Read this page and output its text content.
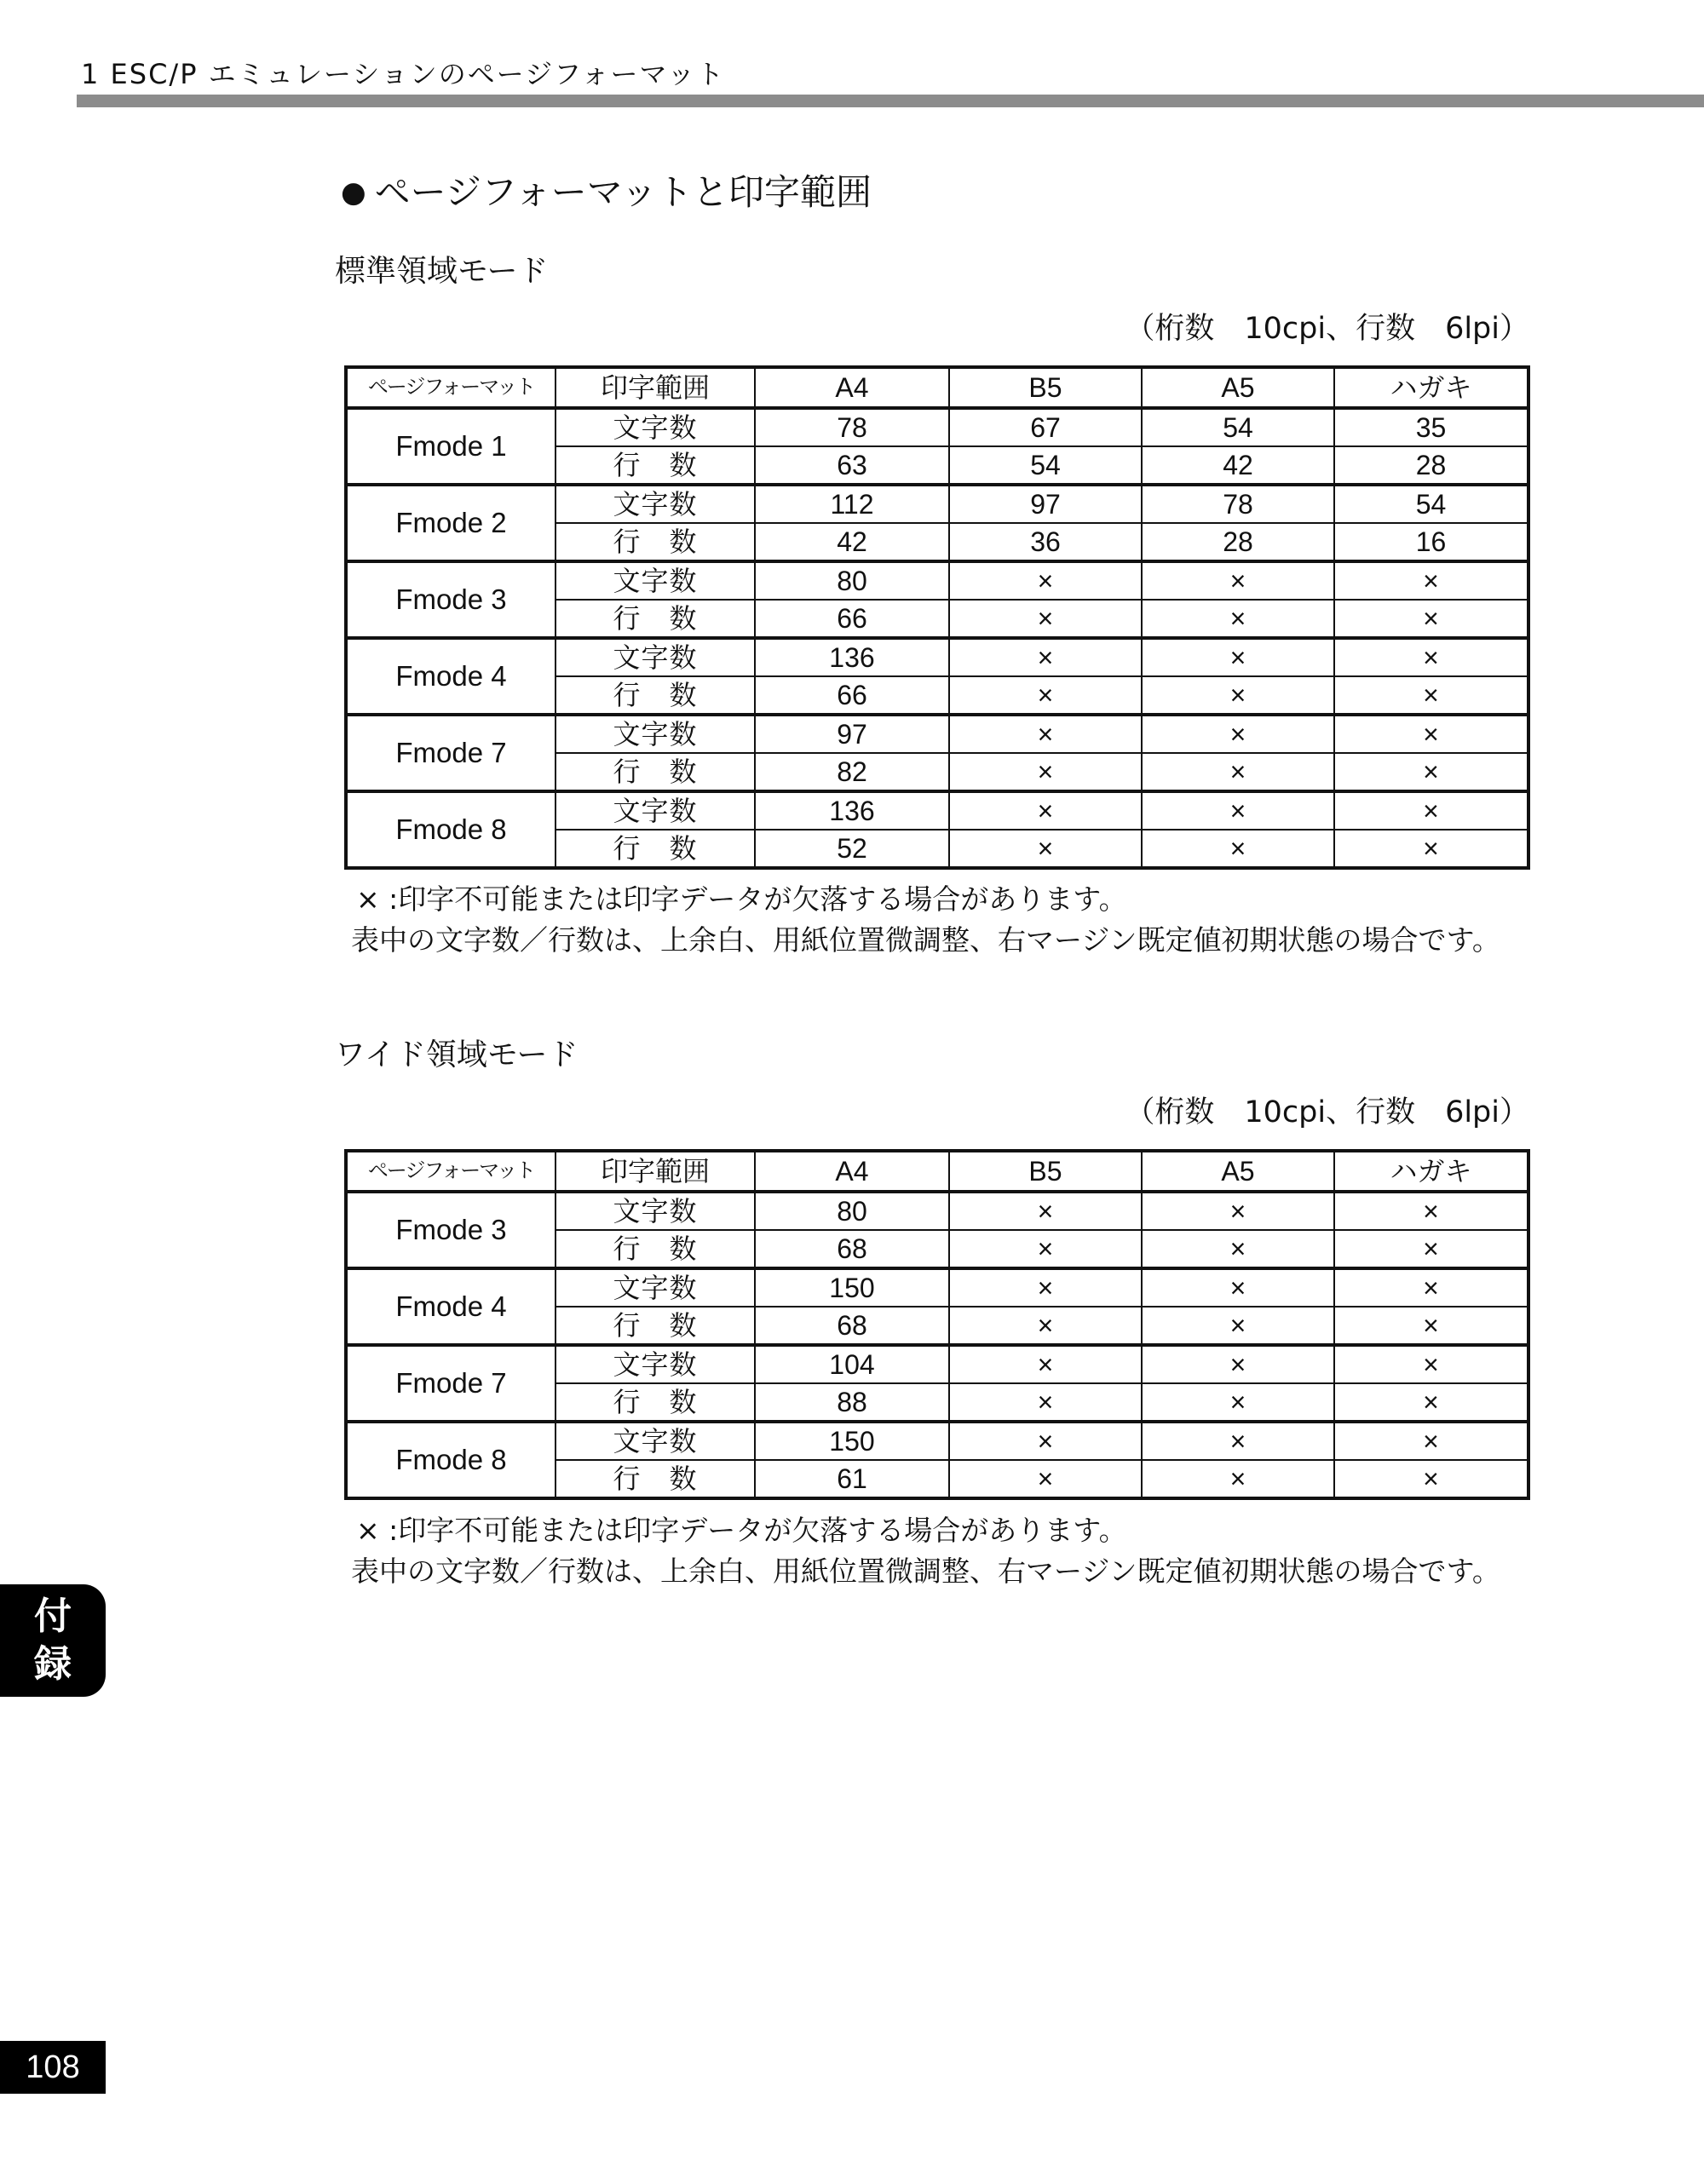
1 ESC/P エミュレーションのページフォーマット
● ページフォーマットと印字範囲
標準領域モード
（桁数　10cpi、行数　6lpi）
ページフォーマット	印字範囲	A4	B5	A5	ハガキ
Fmode 1	文字数	78	67	54	35
	行　数	63	54	42	28
Fmode 2	文字数	112	97	78	54
	行　数	42	36	28	16
Fmode 3	文字数	80	×	×	×
	行　数	66	×	×	×
Fmode 4	文字数	136	×	×	×
	行　数	66	×	×	×
Fmode 7	文字数	97	×	×	×
	行　数	82	×	×	×
Fmode 8	文字数	136	×	×	×
	行　数	52	×	×	×
× :印字不可能または印字データが欠落する場合があります。
表中の文字数／行数は、上余白、用紙位置微調整、右マージン既定値初期状態の場合です。
ワイド領域モード
（桁数　10cpi、行数　6lpi）
ページフォーマット	印字範囲	A4	B5	A5	ハガキ
Fmode 3	文字数	80	×	×	×
	行　数	68	×	×	×
Fmode 4	文字数	150	×	×	×
	行　数	68	×	×	×
Fmode 7	文字数	104	×	×	×
	行　数	88	×	×	×
Fmode 8	文字数	150	×	×	×
	行　数	61	×	×	×
× :印字不可能または印字データが欠落する場合があります。
表中の文字数／行数は、上余白、用紙位置微調整、右マージン既定値初期状態の場合です。
付
録
108
